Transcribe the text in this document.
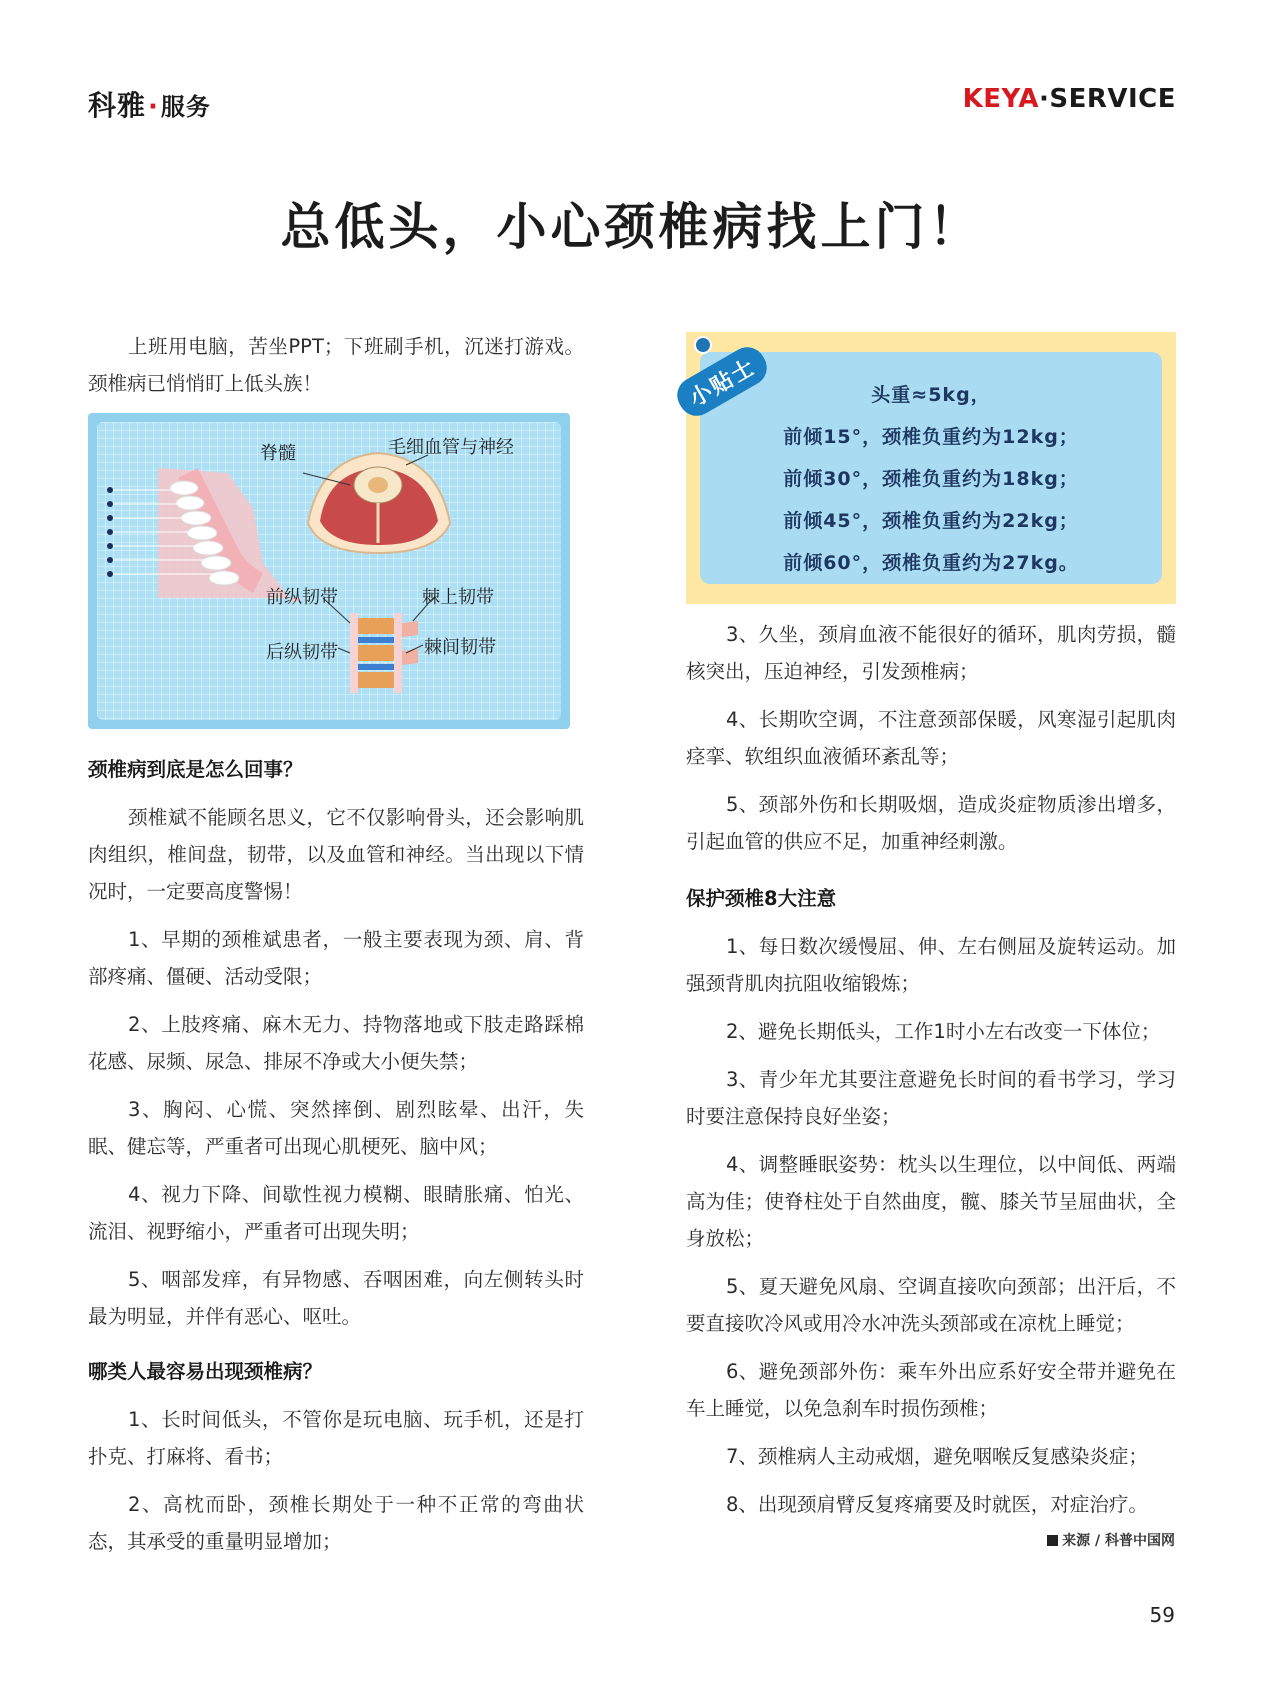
科雅·服务	KEYA·SERVICE
总低头，小心颈椎病找上门！

上班用电脑，苦坐PPT；下班刷手机，沉迷打游戏。颈椎病已悄悄盯上低头族！

脊髓	毛细血管与神经
前纵韧带	棘上韧带
后纵韧带	棘间韧带
颈椎病到底是怎么回事？

颈椎斌不能顾名思义，它不仅影响骨头，还会影响肌肉组织，椎间盘，韧带，以及血管和神经。当出现以下情况时，一定要高度警惕！

1、早期的颈椎斌患者，一般主要表现为颈、肩、背部疼痛、僵硬、活动受限；

2、上肢疼痛、麻木无力、持物落地或下肢走路踩棉花感、尿频、尿急、排尿不净或大小便失禁；

3、胸闷、心慌、突然摔倒、剧烈眩晕、出汗，失眠、健忘等，严重者可出现心肌梗死、脑中风；

4、视力下降、间歇性视力模糊、眼睛胀痛、怕光、流泪、视野缩小，严重者可出现失明；

5、咽部发痒，有异物感、吞咽困难，向左侧转头时最为明显，并伴有恶心、呕吐。

哪类人最容易出现颈椎病？

1、长时间低头，不管你是玩电脑、玩手机，还是打扑克、打麻将、看书；

2、高枕而卧，颈椎长期处于一种不正常的弯曲状态，其承受的重量明显增加；

头重≈5kg，
前倾15°，颈椎负重约为12kg；
前倾30°，颈椎负重约为18kg；
前倾45°，颈椎负重约为22kg；
前倾60°，颈椎负重约为27kg。
小贴士

3、久坐，颈肩血液不能很好的循环，肌肉劳损，髓核突出，压迫神经，引发颈椎病；

4、长期吹空调，不注意颈部保暖，风寒湿引起肌肉痉挛、软组织血液循环紊乱等；

5、颈部外伤和长期吸烟，造成炎症物质渗出增多，引起血管的供应不足，加重神经刺激。

保护颈椎8大注意

1、每日数次缓慢屈、伸、左右侧屈及旋转运动。加强颈背肌肉抗阻收缩锻炼；

2、避免长期低头，工作1时小左右改变一下体位；

3、青少年尤其要注意避免长时间的看书学习，学习时要注意保持良好坐姿；

4、调整睡眠姿势：枕头以生理位，以中间低、两端高为佳；使脊柱处于自然曲度，髋、膝关节呈屈曲状，全身放松；

5、夏天避免风扇、空调直接吹向颈部；出汗后，不要直接吹冷风或用冷水冲洗头颈部或在凉枕上睡觉；

6、避免颈部外伤：乘车外出应系好安全带并避免在车上睡觉，以免急刹车时损伤颈椎；

7、颈椎病人主动戒烟，避免咽喉反复感染炎症；

8、出现颈肩臂反复疼痛要及时就医，对症治疗。

来源 / 科普中国网
59
